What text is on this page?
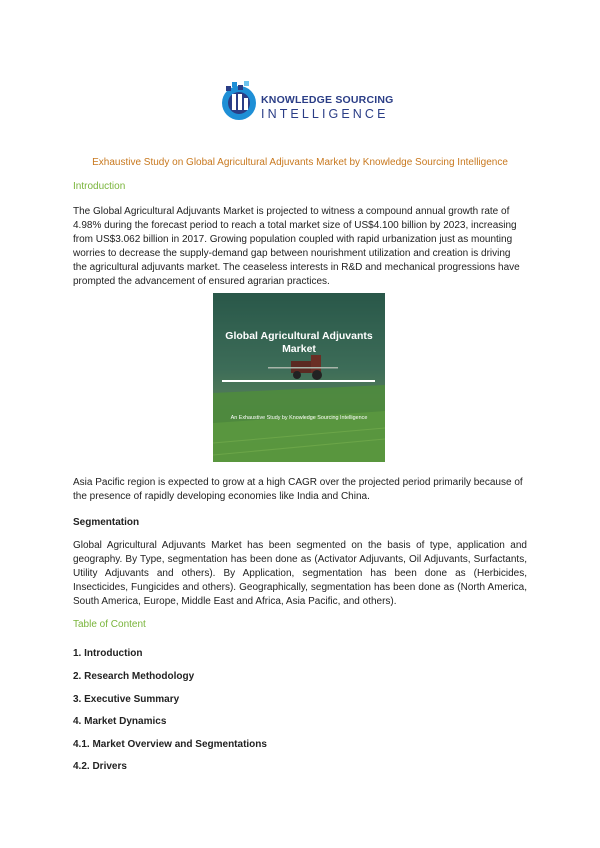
KNOWLEDGE SOURCING
INTELLIGENCE
Exhaustive Study on Global Agricultural Adjuvants Market by Knowledge Sourcing Intelligence
Introduction

The Global Agricultural Adjuvants Market is projected to witness a compound annual growth rate of 4.98% during the forecast period to reach a total market size of US$4.100 billion by 2023, increasing from US$3.062 billion in 2017. Growing population coupled with rapid urbanization just as mounting worries to decrease the supply-demand gap between nourishment utilization and creation is driving the agricultural adjuvants market. The ceaseless interests in R&D and mechanical progressions have prompted the advancement of ensured agrarian practices.

Global Agricultural Adjuvants Market
An Exhaustive Study by Knowledge Sourcing Intelligence

Asia Pacific region is expected to grow at a high CAGR over the projected period primarily because of the presence of rapidly developing economies like India and China.

Segmentation

Global Agricultural Adjuvants Market has been segmented on the basis of type, application and geography. By Type, segmentation has been done as (Activator Adjuvants, Oil Adjuvants, Surfactants, Utility Adjuvants and others). By Application, segmentation has been done as (Herbicides, Insecticides, Fungicides and others). Geographically, segmentation has been done as (North America, South America, Europe, Middle East and Africa, Asia Pacific, and others).

Table of Content
1. Introduction
2. Research Methodology
3. Executive Summary
4. Market Dynamics
4.1. Market Overview and Segmentations
4.2. Drivers
